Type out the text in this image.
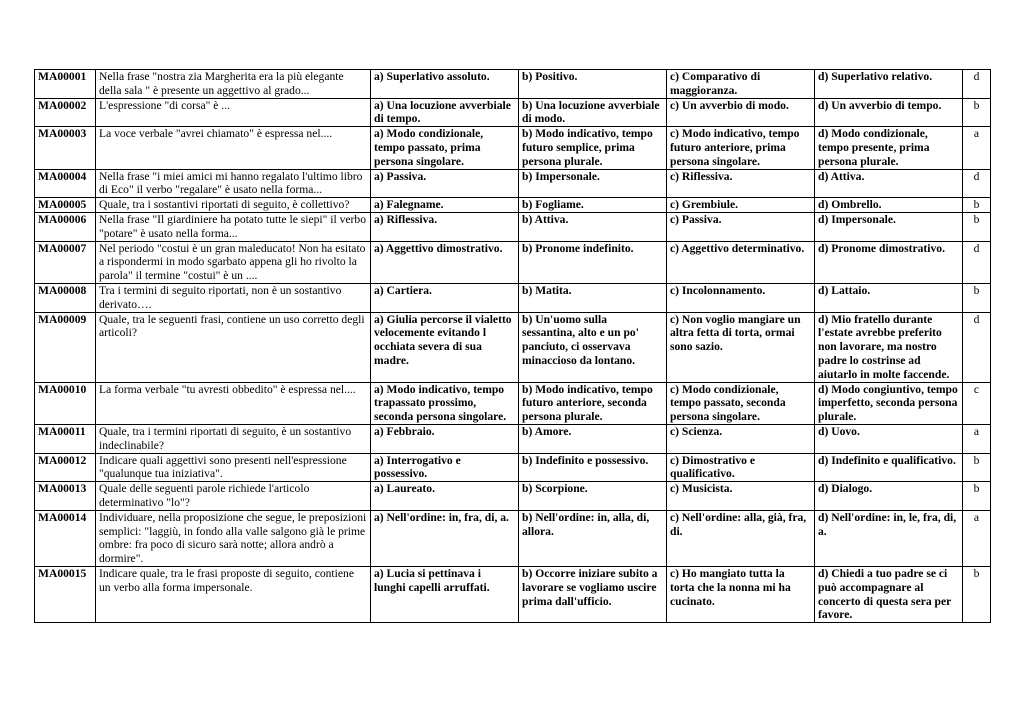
MA00001	Nella frase "nostra zia Margherita era la più elegante della sala " è presente un aggettivo al grado...	a) Superlativo assoluto.	b) Positivo.	c) Comparativo di maggioranza.	d) Superlativo relativo.	d
MA00002	L'espressione "di corsa" è ...	a) Una locuzione avverbiale di tempo.	b) Una locuzione avverbiale di modo.	c) Un avverbio di modo.	d) Un avverbio di tempo.	b
MA00003	La voce verbale "avrei chiamato" è espressa nel....	a) Modo condizionale, tempo passato, prima persona singolare.	b) Modo indicativo, tempo futuro semplice, prima persona plurale.	c) Modo indicativo, tempo futuro anteriore, prima persona singolare.	d) Modo condizionale, tempo presente, prima persona plurale.	a
MA00004	Nella frase "i miei amici mi hanno regalato l'ultimo libro di Eco" il verbo "regalare" è usato nella forma...	a) Passiva.	b) Impersonale.	c) Riflessiva.	d) Attiva.	d
MA00005	Quale, tra i sostantivi riportati di seguito, è collettivo?	a) Falegname.	b) Fogliame.	c) Grembiule.	d) Ombrello.	b
MA00006	Nella frase "Il giardiniere ha potato tutte le siepi" il verbo "potare" è usato nella forma...	a) Riflessiva.	b) Attiva.	c) Passiva.	d) Impersonale.	b
MA00007	Nel periodo "costui è un gran maleducato! Non ha esitato a rispondermi in modo sgarbato appena gli ho rivolto la parola" il termine "costui" è un ....	a) Aggettivo dimostrativo.	b) Pronome indefinito.	c) Aggettivo determinativo.	d) Pronome dimostrativo.	d
MA00008	Tra i termini di seguito riportati, non è un sostantivo derivato….	a) Cartiera.	b) Matita.	c) Incolonnamento.	d) Lattaio.	b
MA00009	Quale, tra le seguenti frasi, contiene un uso corretto degli articoli?	a) Giulia percorse il vialetto velocemente evitando l occhiata severa di sua madre.	b) Un'uomo sulla sessantina, alto e un po' panciuto, ci osservava minaccioso da lontano.	c) Non voglio mangiare un altra fetta di torta, ormai sono sazio.	d) Mio fratello durante l'estate avrebbe preferito non lavorare, ma nostro padre lo costrinse ad aiutarlo in molte faccende.	d
MA00010	La forma verbale "tu avresti obbedito" è espressa nel....	a) Modo indicativo, tempo trapassato prossimo, seconda persona singolare.	b) Modo indicativo, tempo futuro anteriore, seconda persona plurale.	c) Modo condizionale, tempo passato, seconda persona singolare.	d) Modo congiuntivo, tempo imperfetto, seconda persona plurale.	c
MA00011	Quale, tra i termini riportati di seguito, è un sostantivo indeclinabile?	a) Febbraio.	b) Amore.	c) Scienza.	d) Uovo.	a
MA00012	Indicare quali aggettivi sono presenti nell'espressione "qualunque tua iniziativa".	a) Interrogativo e possessivo.	b) Indefinito e possessivo.	c) Dimostrativo e qualificativo.	d) Indefinito e qualificativo.	b
MA00013	Quale delle seguenti parole richiede l'articolo determinativo "lo"?	a) Laureato.	b) Scorpione.	c) Musicista.	d) Dialogo.	b
MA00014	Individuare, nella proposizione che segue, le preposizioni semplici: "laggiù, in fondo alla valle salgono già le prime ombre: fra poco di sicuro sarà notte; allora andrò a dormire".	a) Nell'ordine: in, fra, di, a.	b) Nell'ordine: in, alla, di, allora.	c) Nell'ordine: alla, già, fra, di.	d) Nell'ordine: in, le, fra, di, a.	a
MA00015	Indicare quale, tra le frasi proposte di seguito, contiene un verbo alla forma impersonale.	a) Lucia si pettinava i lunghi capelli arruffati.	b) Occorre iniziare subito a lavorare se vogliamo uscire prima dall'ufficio.	c) Ho mangiato tutta la torta che la nonna mi ha cucinato.	d) Chiedi a tuo padre se ci può accompagnare al concerto di questa sera per favore.	b
